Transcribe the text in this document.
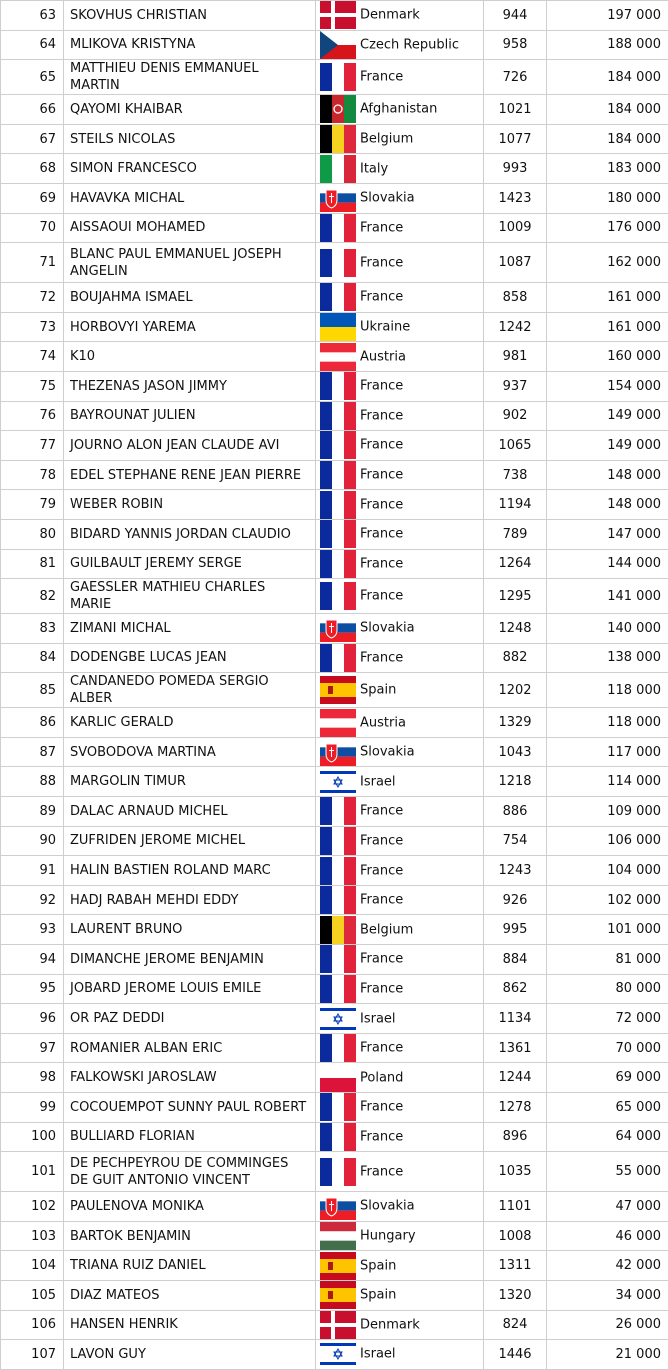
63	SKOVHUS CHRISTIAN	Denmark	944	197 000
64	MLIKOVA KRISTYNA	Czech Republic	958	188 000
65	MATTHIEU DENIS EMMANUEL MARTIN	France	726	184 000
66	QAYOMI KHAIBAR	Afghanistan	1021	184 000
67	STEILS NICOLAS	Belgium	1077	184 000
68	SIMON FRANCESCO	Italy	993	183 000
69	HAVAVKA MICHAL	Slovakia	1423	180 000
70	AISSAOUI MOHAMED	France	1009	176 000
71	BLANC PAUL EMMANUEL JOSEPH ANGELIN	France	1087	162 000
72	BOUJAHMA ISMAEL	France	858	161 000
73	HORBOVYI YAREMA	Ukraine	1242	161 000
74	K10	Austria	981	160 000
75	THEZENAS JASON JIMMY	France	937	154 000
76	BAYROUNAT JULIEN	France	902	149 000
77	JOURNO ALON JEAN CLAUDE AVI	France	1065	149 000
78	EDEL STEPHANE RENE JEAN PIERRE	France	738	148 000
79	WEBER ROBIN	France	1194	148 000
80	BIDARD YANNIS JORDAN CLAUDIO	France	789	147 000
81	GUILBAULT JEREMY SERGE	France	1264	144 000
82	GAESSLER MATHIEU CHARLES MARIE	France	1295	141 000
83	ZIMANI MICHAL	Slovakia	1248	140 000
84	DODENGBE LUCAS JEAN	France	882	138 000
85	CANDANEDO POMEDA SERGIO ALBER	Spain	1202	118 000
86	KARLIC GERALD	Austria	1329	118 000
87	SVOBODOVA MARTINA	Slovakia	1043	117 000
88	MARGOLIN TIMUR	Israel	1218	114 000
89	DALAC ARNAUD MICHEL	France	886	109 000
90	ZUFRIDEN JEROME MICHEL	France	754	106 000
91	HALIN BASTIEN ROLAND MARC	France	1243	104 000
92	HADJ RABAH MEHDI EDDY	France	926	102 000
93	LAURENT BRUNO	Belgium	995	101 000
94	DIMANCHE JEROME BENJAMIN	France	884	81 000
95	JOBARD JEROME LOUIS EMILE	France	862	80 000
96	OR PAZ DEDDI	Israel	1134	72 000
97	ROMANIER ALBAN ERIC	France	1361	70 000
98	FALKOWSKI JAROSLAW	Poland	1244	69 000
99	COCOUEMPOT SUNNY PAUL ROBERT	France	1278	65 000
100	BULLIARD FLORIAN	France	896	64 000
101	DE PECHPEYROU DE COMMINGES DE GUIT ANTONIO VINCENT	France	1035	55 000
102	PAULENOVA MONIKA	Slovakia	1101	47 000
103	BARTOK BENJAMIN	Hungary	1008	46 000
104	TRIANA RUIZ DANIEL	Spain	1311	42 000
105	DIAZ MATEOS	Spain	1320	34 000
106	HANSEN HENRIK	Denmark	824	26 000
107	LAVON GUY	Israel	1446	21 000
